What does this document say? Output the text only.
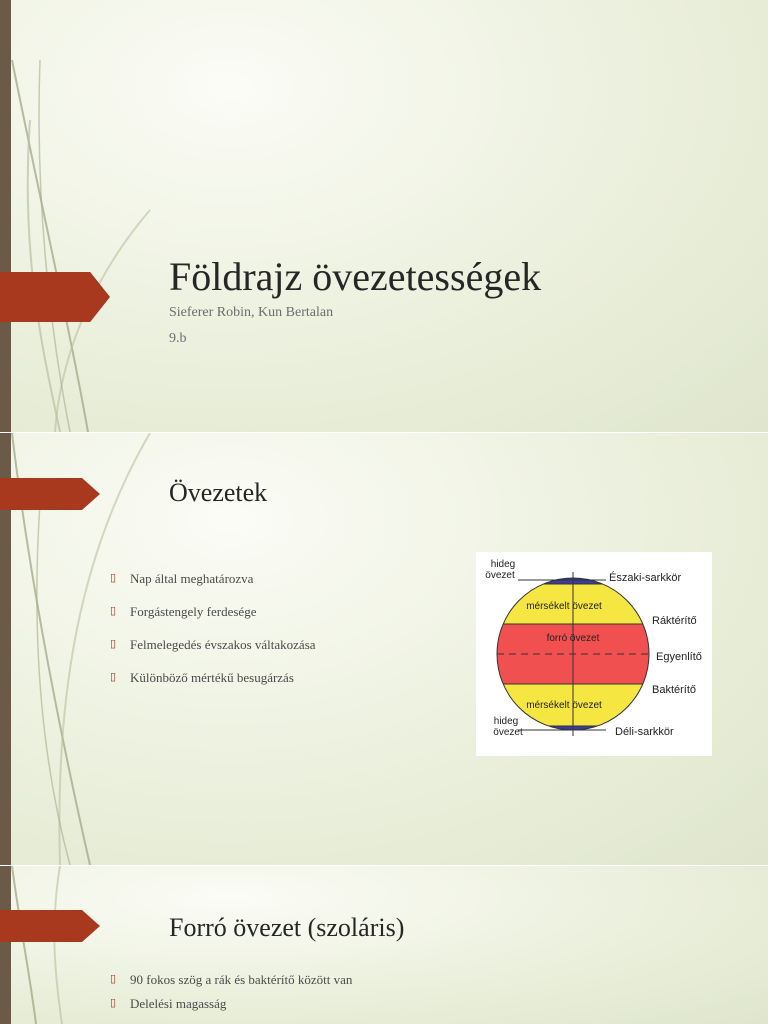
Földrajz övezetességek
Sieferer Robin, Kun Bertalan
9.b
Övezetek
▯ Nap által meghatározva
▯ Forgástengely ferdesége
▯ Felmelegedés évszakos váltakozása
▯ Különböző mértékű besugárzás
hideg
övezet
mérsékelt övezet
forró övezet
mérsékelt övezet
hideg
övezet
Északi-sarkkör
Ráktérítő
Egyenlítő
Baktérítő
Déli-sarkkör
Forró övezet (szoláris)
▯ 90 fokos szög a rák és baktérítő között van
▯ Delelési magasság
